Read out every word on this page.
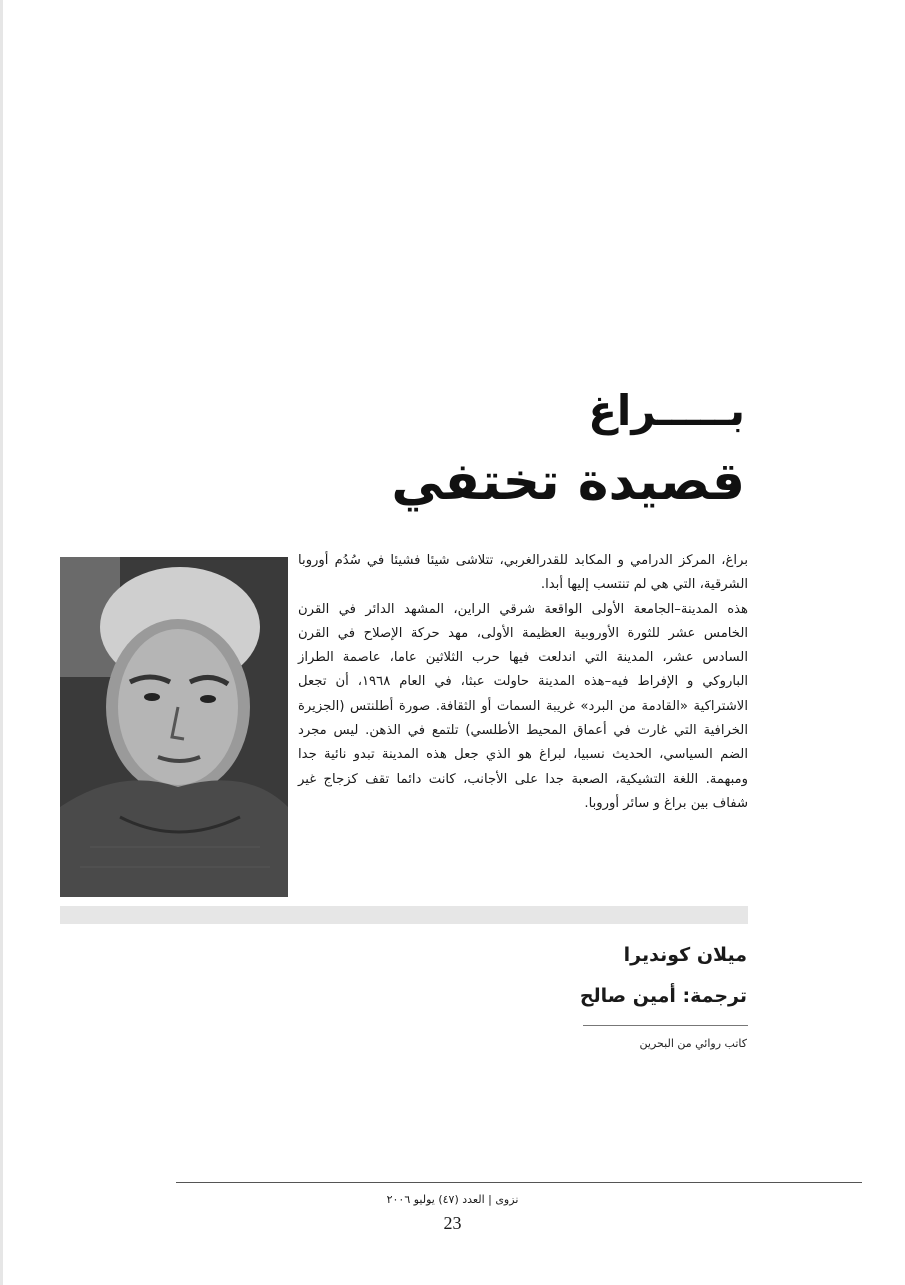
بـــــراغ
قصيدة تختفي
براغ، المركز الدرامي و المكابد للقدرالغربي، تتلاشى شيئا فشيئا في سُدُم أوروبا الشرقية، التي هي لم تنتسب إليها أبدا.
هذه المدينة–الجامعة الأولى الواقعة شرقي الراين، المشهد الدائر في القرن الخامس عشر للثورة الأوروبية العظيمة الأولى، مهد حركة الإصلاح في القرن السادس عشر، المدينة التي اندلعت فيها حرب الثلاثين عاما، عاصمة الطراز الباروكي و الإفراط فيه–هذه المدينة حاولت عبثا، في العام ١٩٦٨، أن تجعل الاشتراكية «القادمة من البرد» غريبة السمات أو الثقافة. صورة أطلنتس (الجزيرة الخرافية التي غارت في أعماق المحيط الأطلسي) تلتمع في الذهن. ليس مجرد الضم السياسي، الحديث نسبيا، لبراغ هو الذي جعل هذه المدينة تبدو نائية جدا ومبهمة. اللغة التشيكية، الصعبة جدا على الأجانب، كانت دائما تقف كزجاج غير شفاف بين براغ و سائر أوروبا.

ميلان كونديرا

ترجمة: أمين صالح

كاتب روائي من البحرين

نزوى | العدد (٤٧) يوليو ٢٠٠٦

23
